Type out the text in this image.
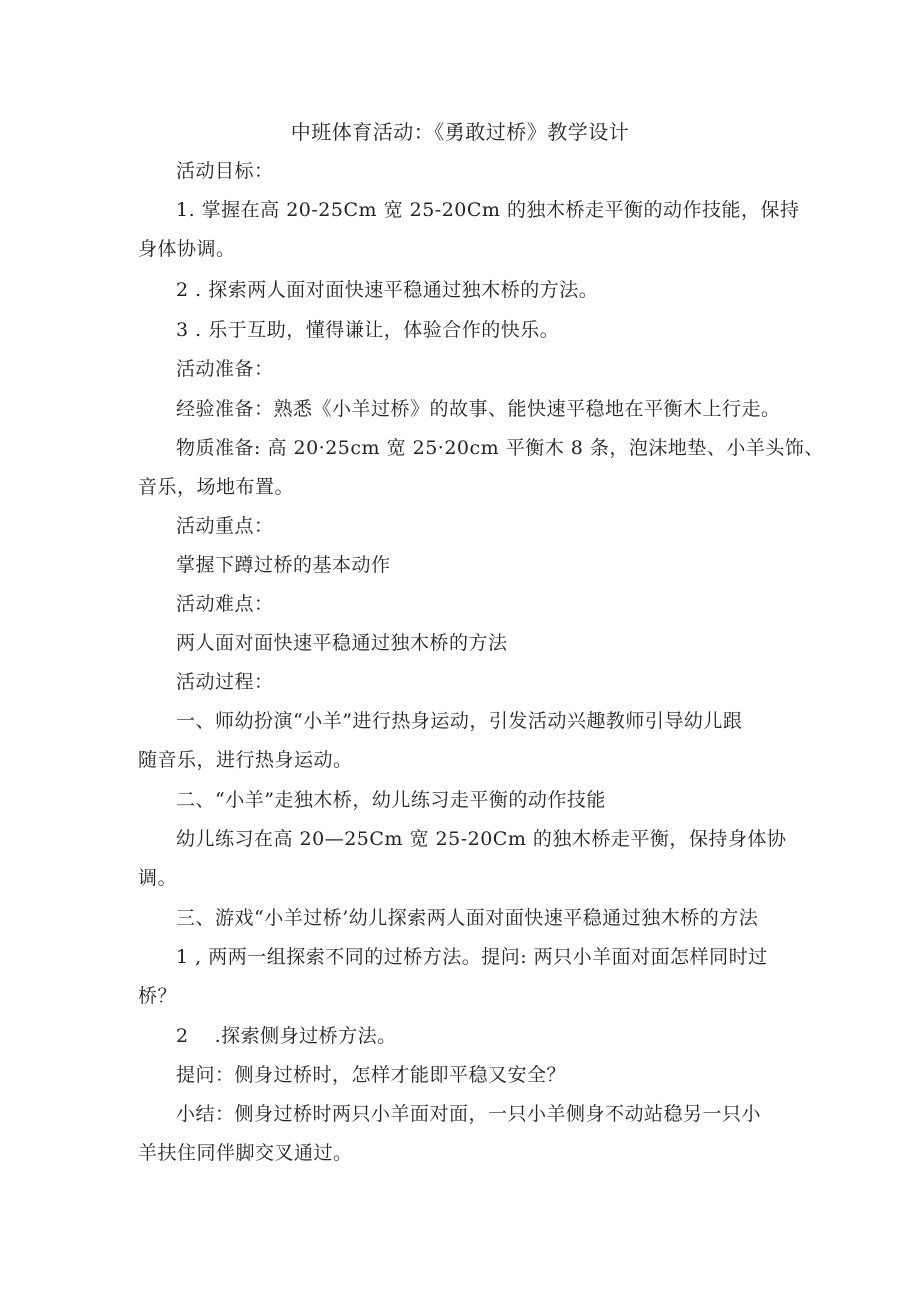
中班体育活动：《勇敢过桥》教学设计
活动目标：
1. 掌握在高 20-25Cm 宽 25-20Cm 的独木桥走平衡的动作技能，保持
身体协调。
2 . 探索两人面对面快速平稳通过独木桥的方法。
3 . 乐于互助，懂得谦让，体验合作的快乐。
活动准备：
经验准备：熟悉《小羊过桥》的故事、能快速平稳地在平衡木上行走。
物质准备: 高 20·25cm 宽 25·20cm 平衡木 8 条，泡沫地垫、小羊头饰、
音乐，场地布置。
活动重点：
掌握下蹲过桥的基本动作
活动难点：
两人面对面快速平稳通过独木桥的方法
活动过程：
一、师幼扮演“小羊”进行热身运动，引发活动兴趣教师引导幼儿跟
随音乐，进行热身运动。
二、“小羊”走独木桥，幼儿练习走平衡的动作技能
幼儿练习在高 20—25Cm 宽 25-20Cm 的独木桥走平衡，保持身体协
调。
三、游戏“小羊过桥’幼儿探索两人面对面快速平稳通过独木桥的方法
1 , 两两一组探索不同的过桥方法。提问: 两只小羊面对面怎样同时过
桥？
2　 .探索侧身过桥方法。
提问：侧身过桥时，怎样才能即平稳又安全？
小结：侧身过桥时两只小羊面对面，一只小羊侧身不动站稳另一只小
羊扶住同伴脚交叉通过。
